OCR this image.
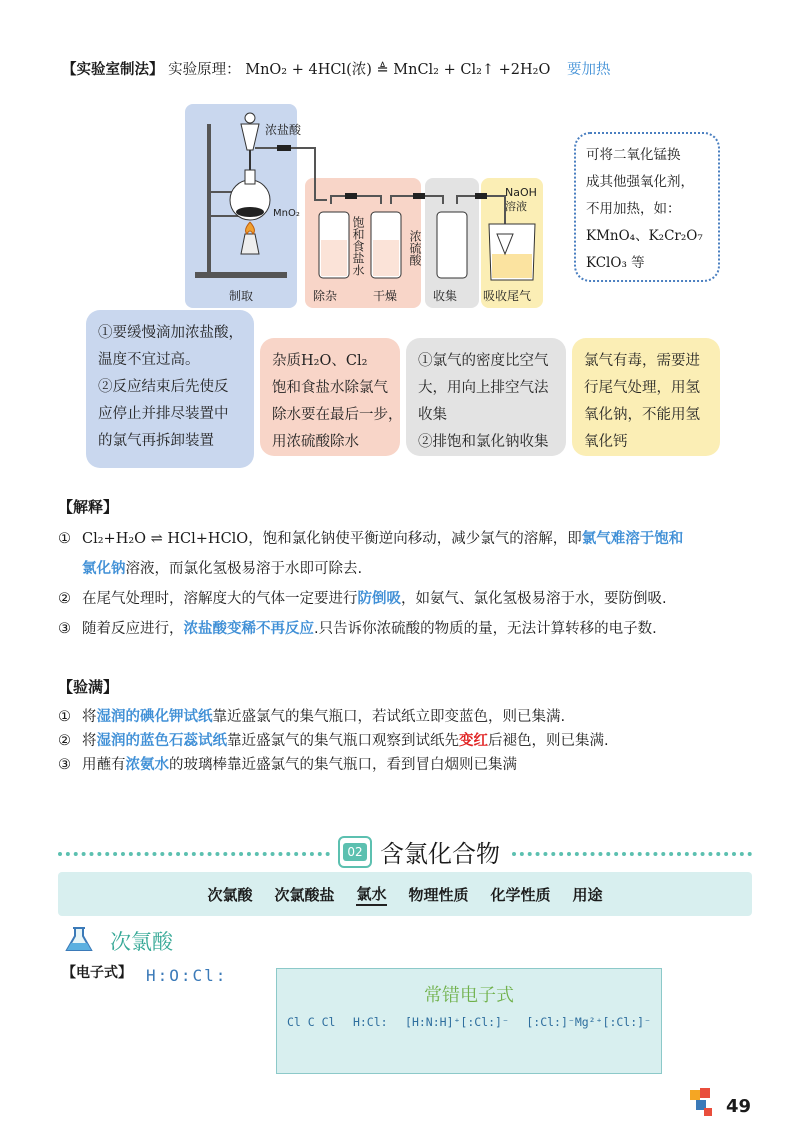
【实验室制法】 实验原理： MnO₂ + 4HCl(浓) ≜ MnCl₂ + Cl₂↑ +2H₂O 要加热
制取	除杂	干燥	收集 吸收尾气
浓盐酸
MnO₂
NaOH
溶液
饱和食盐水	浓硫酸
可将二氧化锰换
成其他强氧化剂，
不用加热，如：
KMnO₄、K₂Cr₂O₇
KClO₃ 等
①要缓慢滴加浓盐酸，
温度不宜过高。
②反应结束后先使反
应停止并排尽装置中
的氯气再拆卸装置
杂质H₂O、Cl₂
饱和食盐水除氯气
除水要在最后一步，
用浓硫酸除水
①氯气的密度比空气
大，用向上排空气法
收集
②排饱和氯化钠收集
氯气有毒，需要进
行尾气处理，用氢
氧化钠，不能用氢
氧化钙
【解释】
① Cl₂+H₂O ⇌ HCl+HClO，饱和氯化钠使平衡逆向移动，减少氯气的溶解，即氯气难溶于饱和
氯化钠溶液，而氯化氢极易溶于水即可除去.
② 在尾气处理时，溶解度大的气体一定要进行防倒吸，如氨气、氯化氢极易溶于水，要防倒吸.
③ 随着反应进行，浓盐酸变稀不再反应.只告诉你浓硫酸的物质的量，无法计算转移的电子数.
【验满】
① 将湿润的碘化钾试纸靠近盛氯气的集气瓶口，若试纸立即变蓝色，则已集满.
② 将湿润的蓝色石蕊试纸靠近盛氯气的集气瓶口观察到试纸先变红后褪色，则已集满.
③ 用蘸有浓氨水的玻璃棒靠近盛氯气的集气瓶口，看到冒白烟则已集满
02 含氯化合物
次氯酸 次氯酸盐 氯水 物理性质 化学性质 用途
次氯酸
【电子式】 H:O:Cl:
常错电子式
Cl C Cl H:Cl: [H:N:H]⁺[:Cl:]⁻ [:Cl:]⁻Mg²⁺[:Cl:]⁻
49
